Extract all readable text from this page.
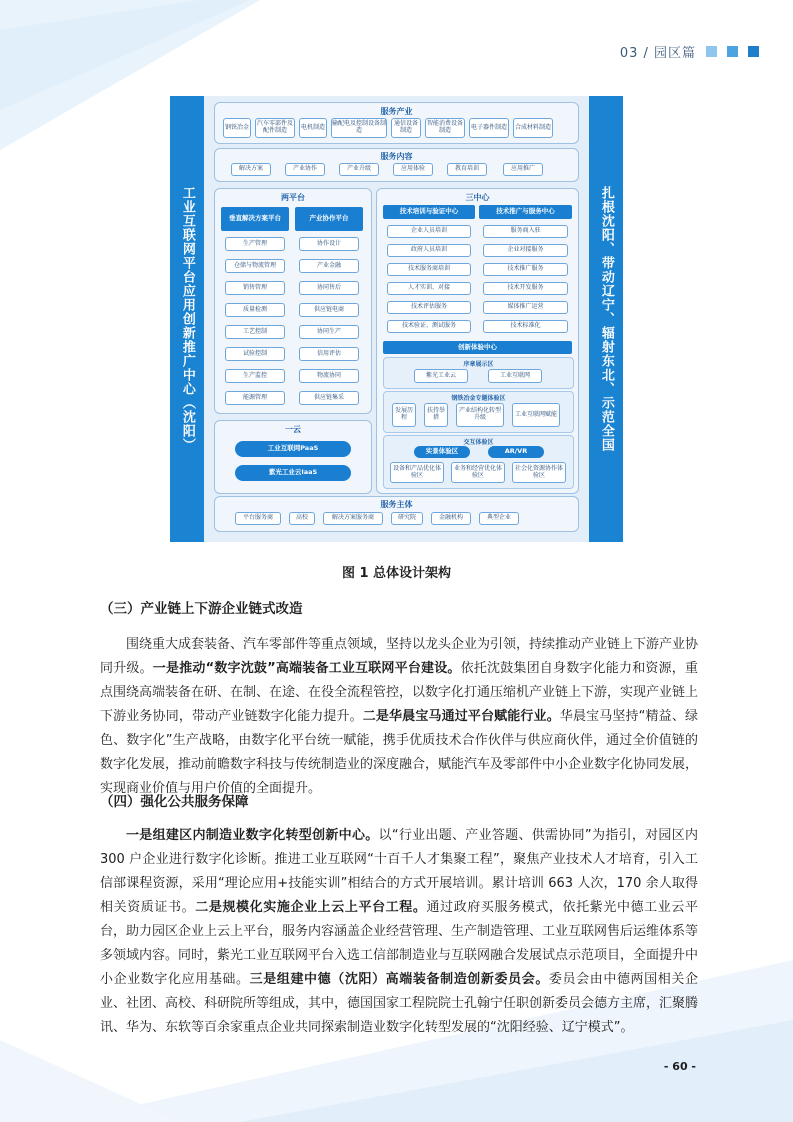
03 / 园区篇
工业互联网平台应用创新推广中心（沈阳）	扎根沈阳、带动辽宁、辐射东北、示范全国
服务产业
钢铁冶金	汽车零部件及配件制造	电机制造	输配电及控制设备制造
通信设备制造
智能消费设备制造	电子器件制造	合成材料制造
服务内容
解决方案	产业协作	产业升级	应用体验	教育培训	应用推广
两平台
垂直解决方案平台	产业协作平台
生产管理
仓储与物流管理
销售管理
质量检测
工艺控制
试验控制
生产监控
能源管理
协作设计
产业金融
协同售后
供应链电商
协同生产
信用评估
物流协同
供应链集采
一云
工业互联网PaaS
紫光工业云IaaS
三中心
技术培训与验证中心	技术推广与服务中心
企业人员培训
政府人员培训
技术服务商培训
人才实训、对接
技术评估服务
技术验证、测试服务
服务商入驻
企业对接服务
技术推广服务
技术开发服务
媒体推广运营
技术标准化
创新体验中心
序章展示区
紫光工业云	工业互联网
钢铁冶金专题体验区
发展历程
扶持举措
产业结构化转型升级	工业互联网赋能
交互体验区
实景体验区	AR/VR
设备和产品优化体验区
业务和经营优化体验区
社会化资源协作体验区
服务主体
平台服务商	高校	解决方案服务商	研究院	金融机构	典型企业
图 1 总体设计架构
（三）产业链上下游企业链式改造
围绕重大成套装备、汽车零部件等重点领域，坚持以龙头企业为引领，持续推动产业链上下游产业协同升级。一是推动“数字沈鼓”高端装备工业互联网平台建设。依托沈鼓集团自身数字化能力和资源，重点围绕高端装备在研、在制、在途、在役全流程管控，以数字化打通压缩机产业链上下游，实现产业链上下游业务协同，带动产业链数字化能力提升。二是华晨宝马通过平台赋能行业。华晨宝马坚持“精益、绿色、数字化”生产战略，由数字化平台统一赋能，携手优质技术合作伙伴与供应商伙伴，通过全价值链的数字化发展，推动前瞻数字科技与传统制造业的深度融合，赋能汽车及零部件中小企业数字化协同发展，实现商业价值与用户价值的全面提升。
（四）强化公共服务保障
一是组建区内制造业数字化转型创新中心。以“行业出题、产业答题、供需协同”为指引，对园区内 300 户企业进行数字化诊断。推进工业互联网“十百千人才集聚工程”，聚焦产业技术人才培育，引入工信部课程资源，采用“理论应用+技能实训”相结合的方式开展培训。累计培训 663 人次，170 余人取得相关资质证书。二是规模化实施企业上云上平台工程。通过政府买服务模式，依托紫光中德工业云平台，助力园区企业上云上平台，服务内容涵盖企业经营管理、生产制造管理、工业互联网售后运维体系等多领域内容。同时，紫光工业互联网平台入选工信部制造业与互联网融合发展试点示范项目，全面提升中小企业数字化应用基础。三是组建中德（沈阳）高端装备制造创新委员会。委员会由中德两国相关企业、社团、高校、科研院所等组成，其中，德国国家工程院院士孔翰宁任职创新委员会德方主席，汇聚腾讯、华为、东软等百余家重点企业共同探索制造业数字化转型发展的“沈阳经验、辽宁模式”。
- 60 -
